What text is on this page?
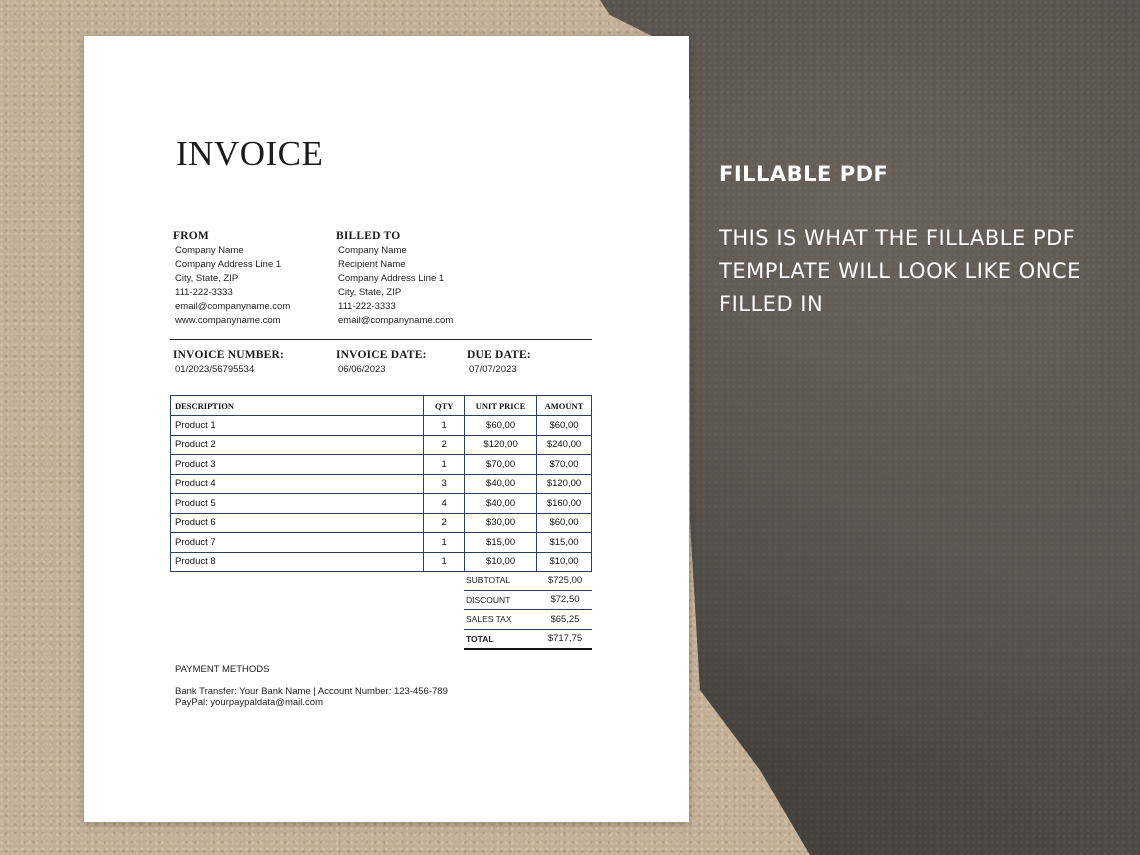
INVOICE
FROM
Company Name
Company Address Line 1
City, State, ZIP
111-222-3333
email@companyname.com
www.companyname.com
BILLED TO
Company Name
Recipient Name
Company Address Line 1
City, State, ZIP
111-222-3333
email@companyname.com
INVOICE NUMBER:
01/2023/56795534
INVOICE DATE:
06/06/2023
DUE DATE:
07/07/2023
DESCRIPTION	QTY	UNIT PRICE	AMOUNT
Product 1	1	$60,00	$60,00
Product 2	2	$120,00	$240,00
Product 3	1	$70,00	$70,00
Product 4	3	$40,00	$120,00
Product 5	4	$40,00	$160,00
Product 6	2	$30,00	$60,00
Product 7	1	$15,00	$15,00
Product 8	1	$10,00	$10,00
SUBTOTAL	$725,00
DISCOUNT	$72,50
SALES TAX	$65,25
TOTAL	$717,75
PAYMENT METHODS
Bank Transfer: Your Bank Name | Account Number: 123-456-789
PayPal: yourpaypaldata@mail.com
FILLABLE PDF
THIS IS WHAT THE FILLABLE PDF
TEMPLATE WILL LOOK LIKE ONCE
FILLED IN
